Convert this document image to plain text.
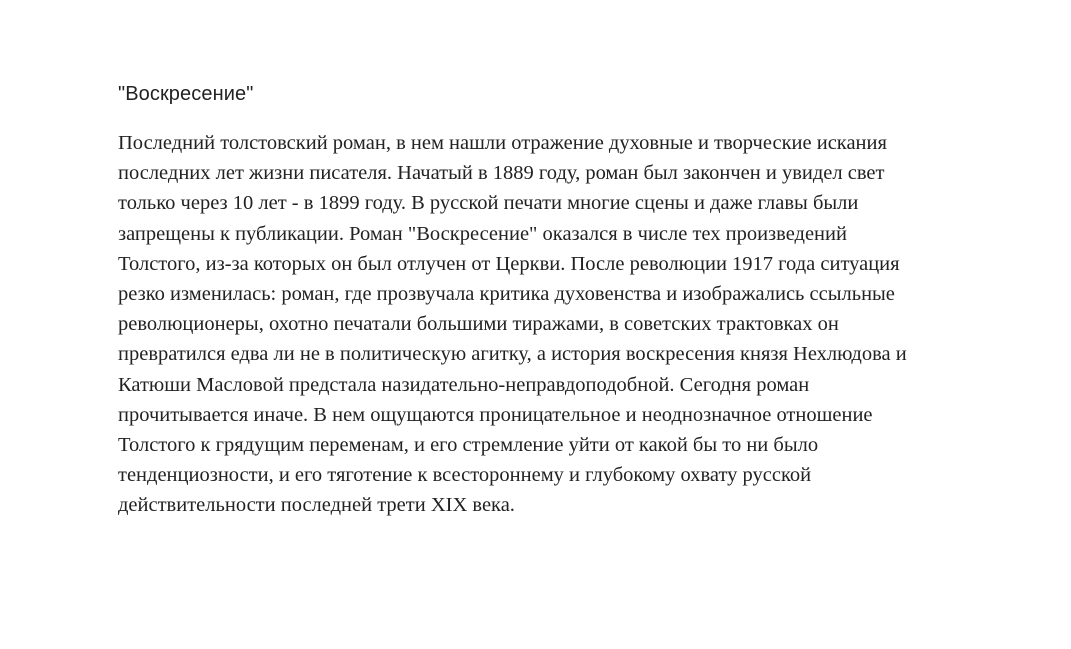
"Воскресение"

Последний толстовский роман, в нем нашли отражение духовные и творческие искания
последних лет жизни писателя. Начатый в 1889 году, роман был закончен и увидел свет
только через 10 лет - в 1899 году. В русской печати многие сцены и даже главы были
запрещены к публикации. Роман "Воскресение" оказался в числе тех произведений
Толстого, из-за которых он был отлучен от Церкви. После революции 1917 года ситуация
резко изменилась: роман, где прозвучала критика духовенства и изображались ссыльные
революционеры, охотно печатали большими тиражами, в советских трактовках он
превратился едва ли не в политическую агитку, а история воскресения князя Нехлюдова и
Катюши Масловой предстала назидательно-неправдоподобной. Сегодня роман
прочитывается иначе. В нем ощущаются проницательное и неоднозначное отношение
Толстого к грядущим переменам, и его стремление уйти от какой бы то ни было
тенденциозности, и его тяготение к всестороннему и глубокому охвату русской
действительности последней трети XIX века.
